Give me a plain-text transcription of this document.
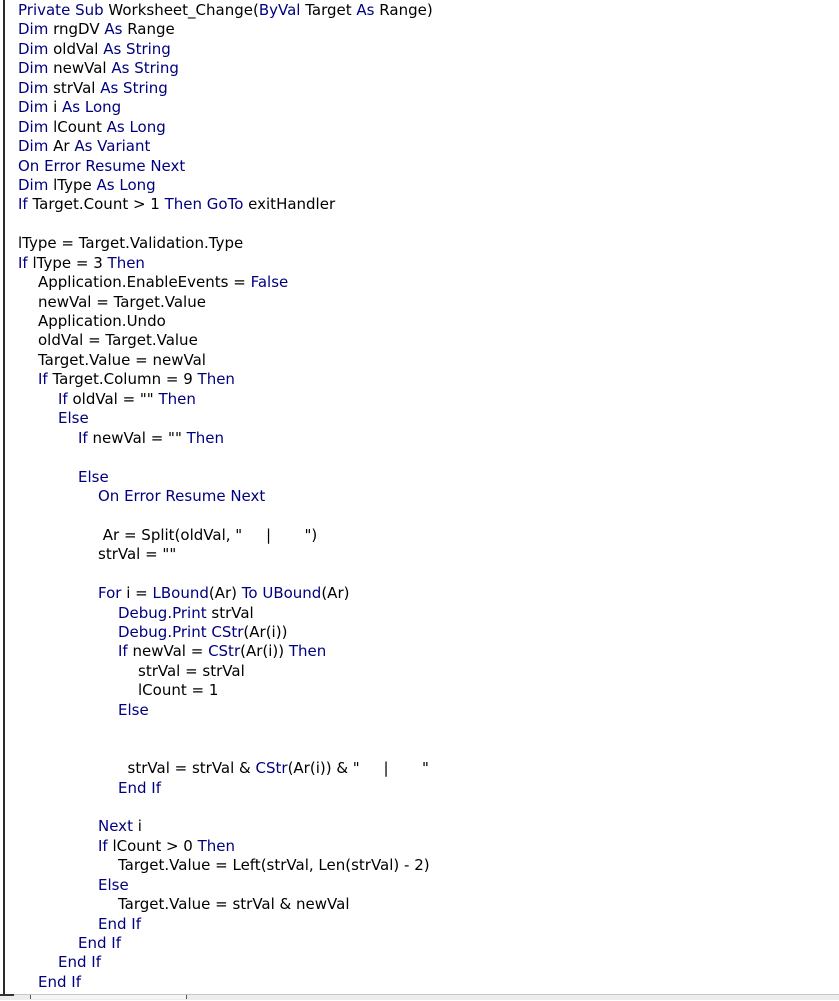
Private Sub Worksheet_Change(ByVal Target As Range)
Dim rngDV As Range
Dim oldVal As String
Dim newVal As String
Dim strVal As String
Dim i As Long
Dim lCount As Long
Dim Ar As Variant
On Error Resume Next
Dim lType As Long
If Target.Count > 1 Then GoTo exitHandler
lType = Target.Validation.Type
If lType = 3 Then
Application.EnableEvents = False
newVal = Target.Value
Application.Undo
oldVal = Target.Value
Target.Value = newVal
If Target.Column = 9 Then
If oldVal = "" Then
Else
If newVal = "" Then
Else
On Error Resume Next
Ar = Split(oldVal, "     |       ")
strVal = ""
For i = LBound(Ar) To UBound(Ar)
Debug.Print strVal
Debug.Print CStr(Ar(i))
If newVal = CStr(Ar(i)) Then
strVal = strVal
lCount = 1
Else
strVal = strVal & CStr(Ar(i)) & "     |       "
End If
Next i
If lCount > 0 Then
Target.Value = Left(strVal, Len(strVal) - 2)
Else
Target.Value = strVal & newVal
End If
End If
End If
End If
